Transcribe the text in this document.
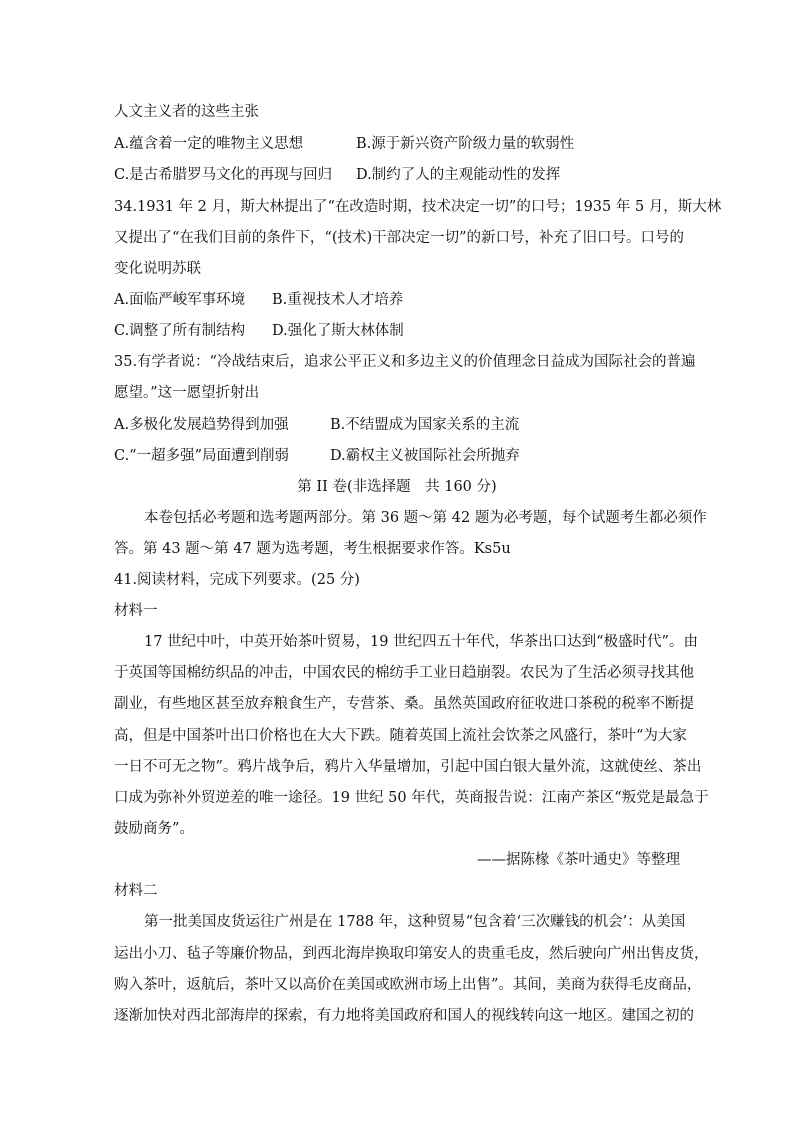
人文主义者的这些主张
A.蕴含着一定的唯物主义思想	B.源于新兴资产阶级力量的软弱性
C.是古希腊罗马文化的再现与回归 D.制约了人的主观能动性的发挥
34.1931 年 2 月，斯大林提出了“在改造时期，技术决定一切”的口号；1935 年 5 月，斯大林
又提出了“在我们目前的条件下，“(技术)干部决定一切”的新口号，补充了旧口号。口号的
变化说明苏联
A.面临严峻军事环境 B.重视技术人才培养
C.调整了所有制结构 D.强化了斯大林体制
35.有学者说：“冷战结束后，追求公平正义和多边主义的价值理念日益成为国际社会的普遍
愿望。”这一愿望折射出
A.多极化发展趋势得到加强	B.不结盟成为国家关系的主流
C.“一超多强”局面遭到削弱	D.霸权主义被国际社会所抛弃
第 II 卷(非选择题　共 160 分)
本卷包括必考题和选考题两部分。第 36 题～第 42 题为必考题，每个试题考生都必须作
答。第 43 题～第 47 题为选考题，考生根据要求作答。Ks5u
41.阅读材料，完成下列要求。(25 分)
材料一
17 世纪中叶，中英开始茶叶贸易，19 世纪四五十年代，华茶出口达到“极盛时代”。由
于英国等国棉纺织品的冲击，中国农民的棉纺手工业日趋崩裂。农民为了生活必须寻找其他
副业，有些地区甚至放弃粮食生产，专营茶、桑。虽然英国政府征收进口茶税的税率不断提
高，但是中国茶叶出口价格也在大大下跌。随着英国上流社会饮茶之风盛行，茶叶“为大家
一日不可无之物”。鸦片战争后，鸦片入华量增加，引起中国白银大量外流，这就使丝、茶出
口成为弥补外贸逆差的唯一途径。19 世纪 50 年代，英商报告说：江南产茶区“叛党是最急于
鼓励商务”。
——据陈椽《茶叶通史》等整理
材料二
第一批美国皮货运往广州是在 1788 年，这种贸易“包含着‘三次赚钱的机会’：从美国
运出小刀、毡子等廉价物品，到西北海岸换取印第安人的贵重毛皮，然后驶向广州出售皮货，
购入茶叶，返航后，茶叶又以高价在美国或欧洲市场上出售”。其间，美商为获得毛皮商品，
逐渐加快对西北部海岸的探索，有力地将美国政府和国人的视线转向这一地区。建国之初的
